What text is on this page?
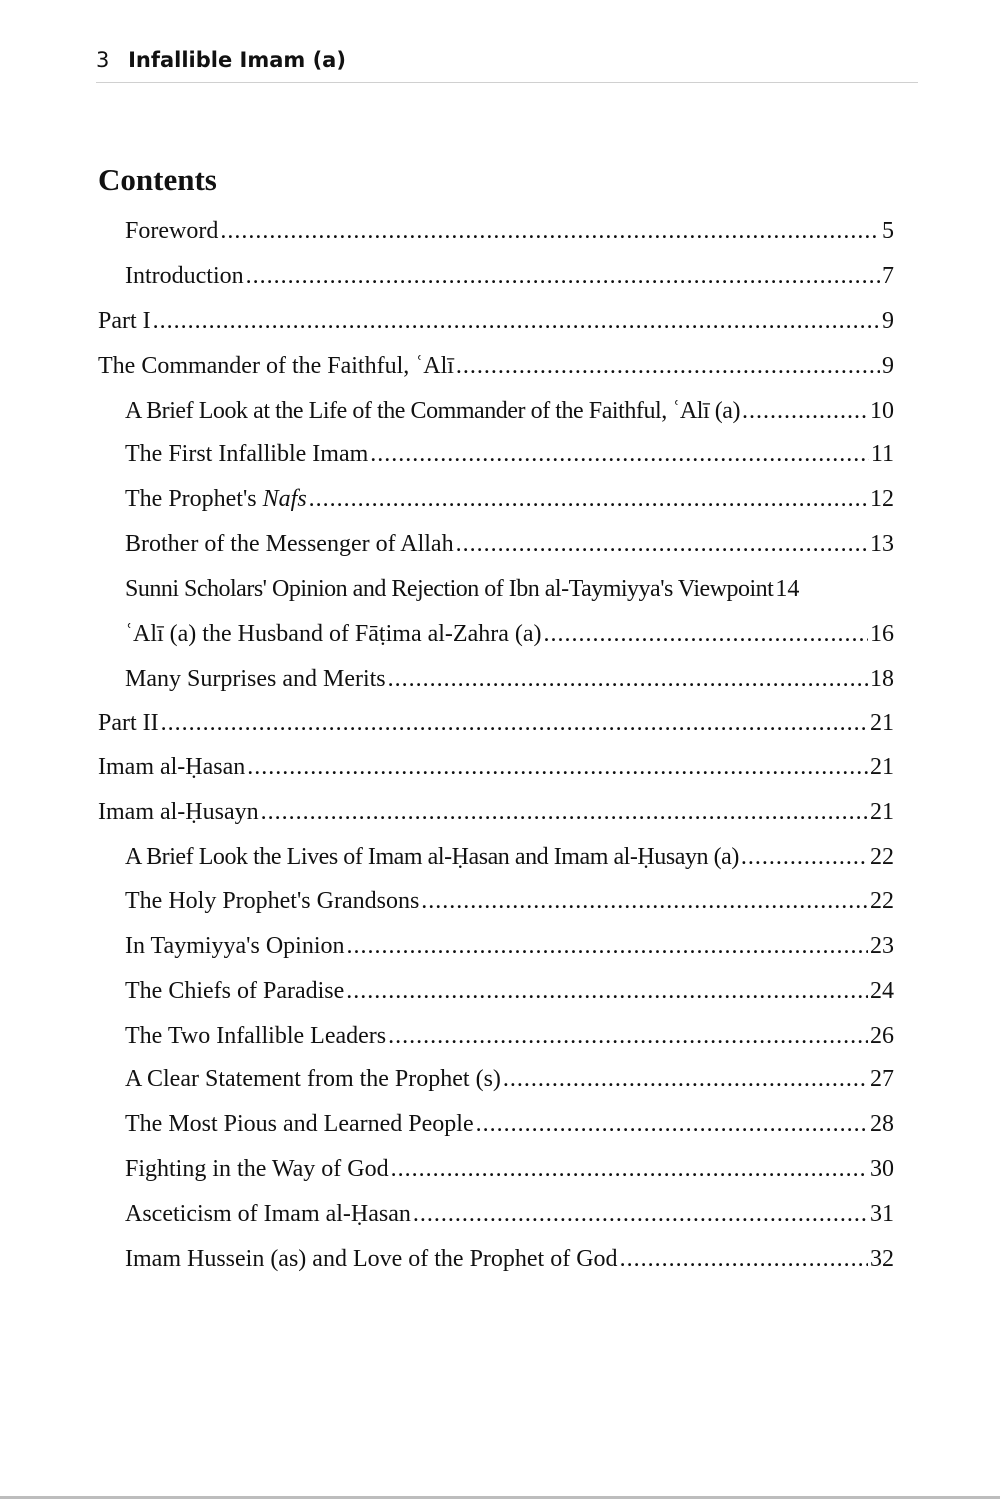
3 Infallible Imam (a)
Contents
Foreword .....	5
Introduction .....	7
Part I .....	9
The Commander of the Faithful, ʿAlī .....	9
A Brief Look at the Life of the Commander of the Faithful, ʿAlī (a) .....	10
The First Infallible Imam .....	11
The Prophet's Nafs .....	12
Brother of the Messenger of Allah .....	13
Sunni Scholars' Opinion and Rejection of Ibn al-Taymiyya's Viewpoint 14
ʿAlī (a) the Husband of Fāṭima al-Zahra (a) .....	16
Many Surprises and Merits .....	18
Part II .....	21
Imam al-Ḥasan .....	21
Imam al-Ḥusayn .....	21
A Brief Look the Lives of Imam al-Ḥasan and Imam al-Ḥusayn (a) .....	22
The Holy Prophet's Grandsons .....	22
In Taymiyya's Opinion .....	23
The Chiefs of Paradise .....	24
The Two Infallible Leaders .....	26
A Clear Statement from the Prophet (s) .....	27
The Most Pious and Learned People .....	28
Fighting in the Way of God .....	30
Asceticism of Imam al-Ḥasan .....	31
Imam Hussein (as) and Love of the Prophet of God .....	32
